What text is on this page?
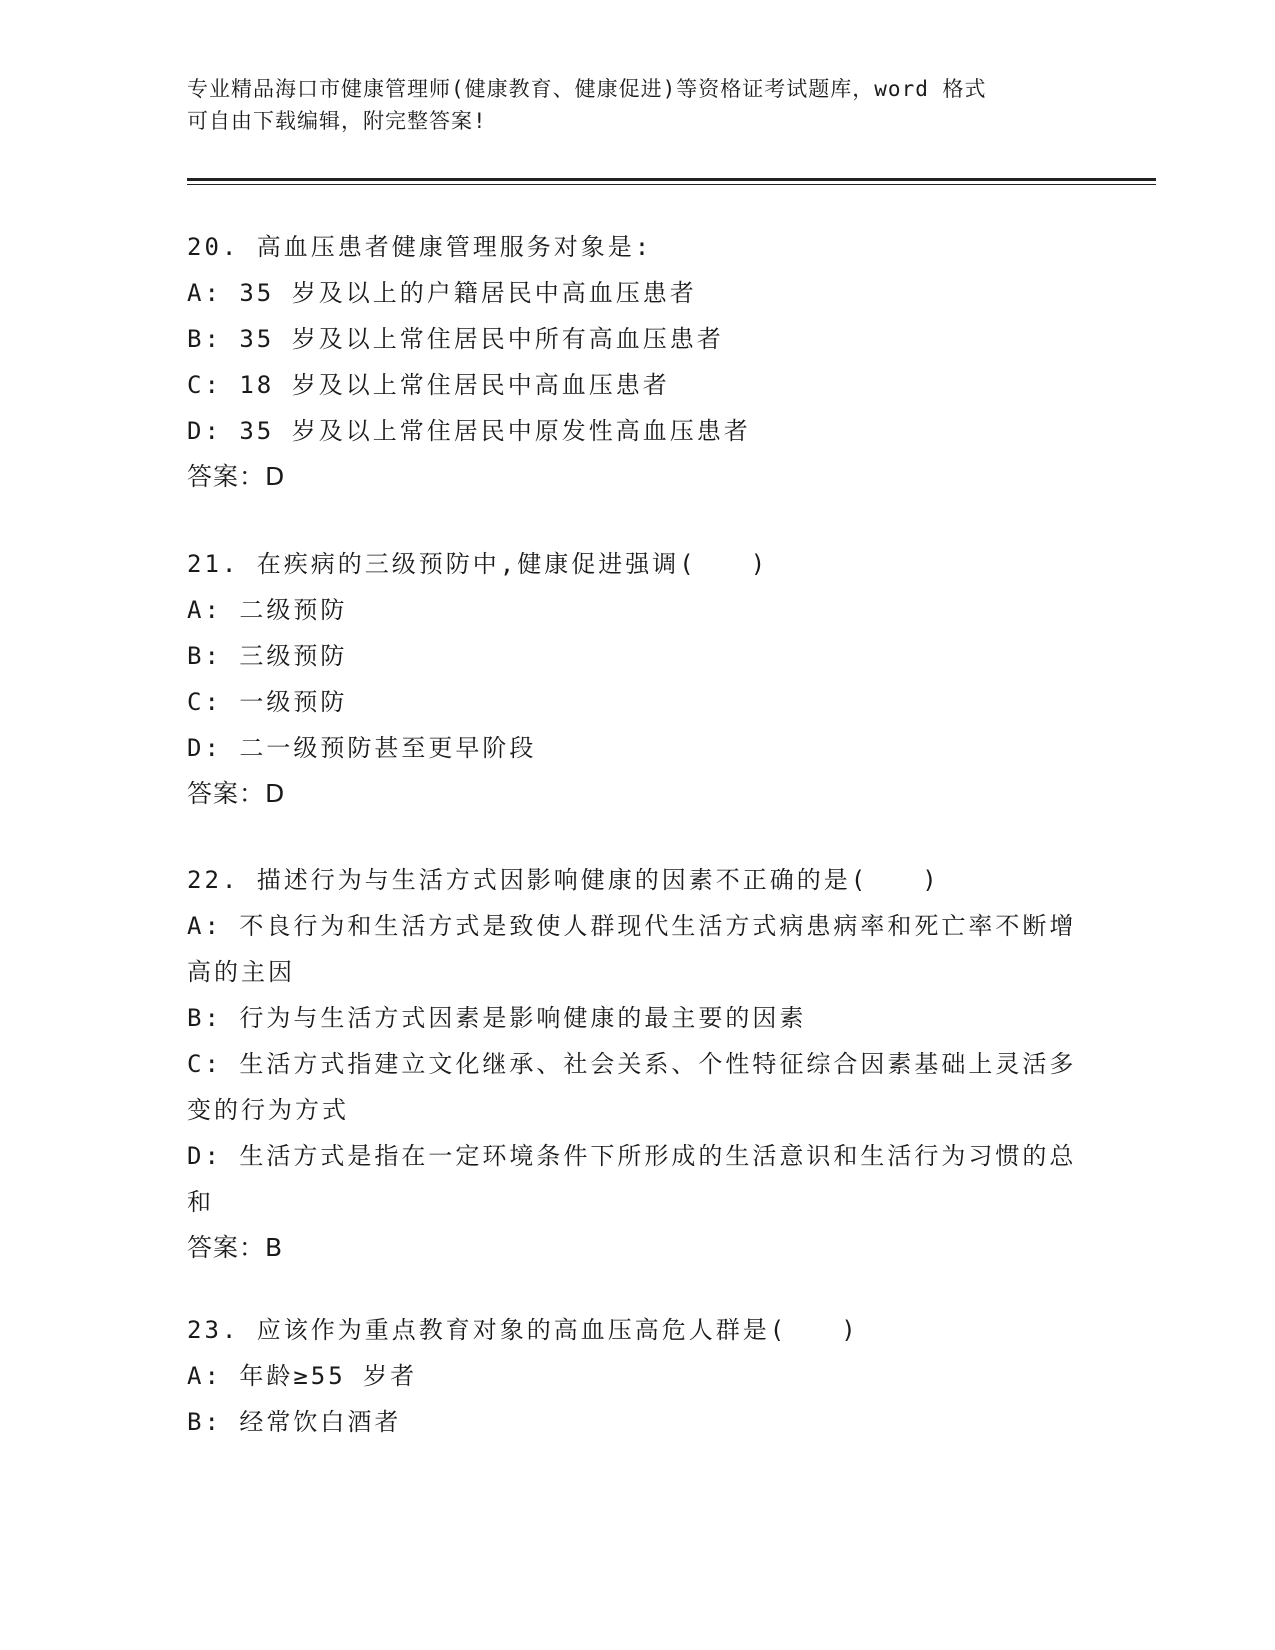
专业精品海口市健康管理师(健康教育、健康促进)等资格证考试题库，word 格式
可自由下载编辑，附完整答案!

20. 高血压患者健康管理服务对象是:

A: 35 岁及以上的户籍居民中高血压患者

B: 35 岁及以上常住居民中所有高血压患者

C: 18 岁及以上常住居民中高血压患者

D: 35 岁及以上常住居民中原发性高血压患者

答案：D

21. 在疾病的三级预防中,健康促进强调(　　)

A: 二级预防

B: 三级预防

C: 一级预防

D: 二一级预防甚至更早阶段

答案：D

22. 描述行为与生活方式因影响健康的因素不正确的是(　　)

A: 不良行为和生活方式是致使人群现代生活方式病患病率和死亡率不断增高的主因

B: 行为与生活方式因素是影响健康的最主要的因素

C: 生活方式指建立文化继承、社会关系、个性特征综合因素基础上灵活多变的行为方式

D: 生活方式是指在一定环境条件下所形成的生活意识和生活行为习惯的总和

答案：B

23. 应该作为重点教育对象的高血压高危人群是(　　)

A: 年龄≥55 岁者

B: 经常饮白酒者
